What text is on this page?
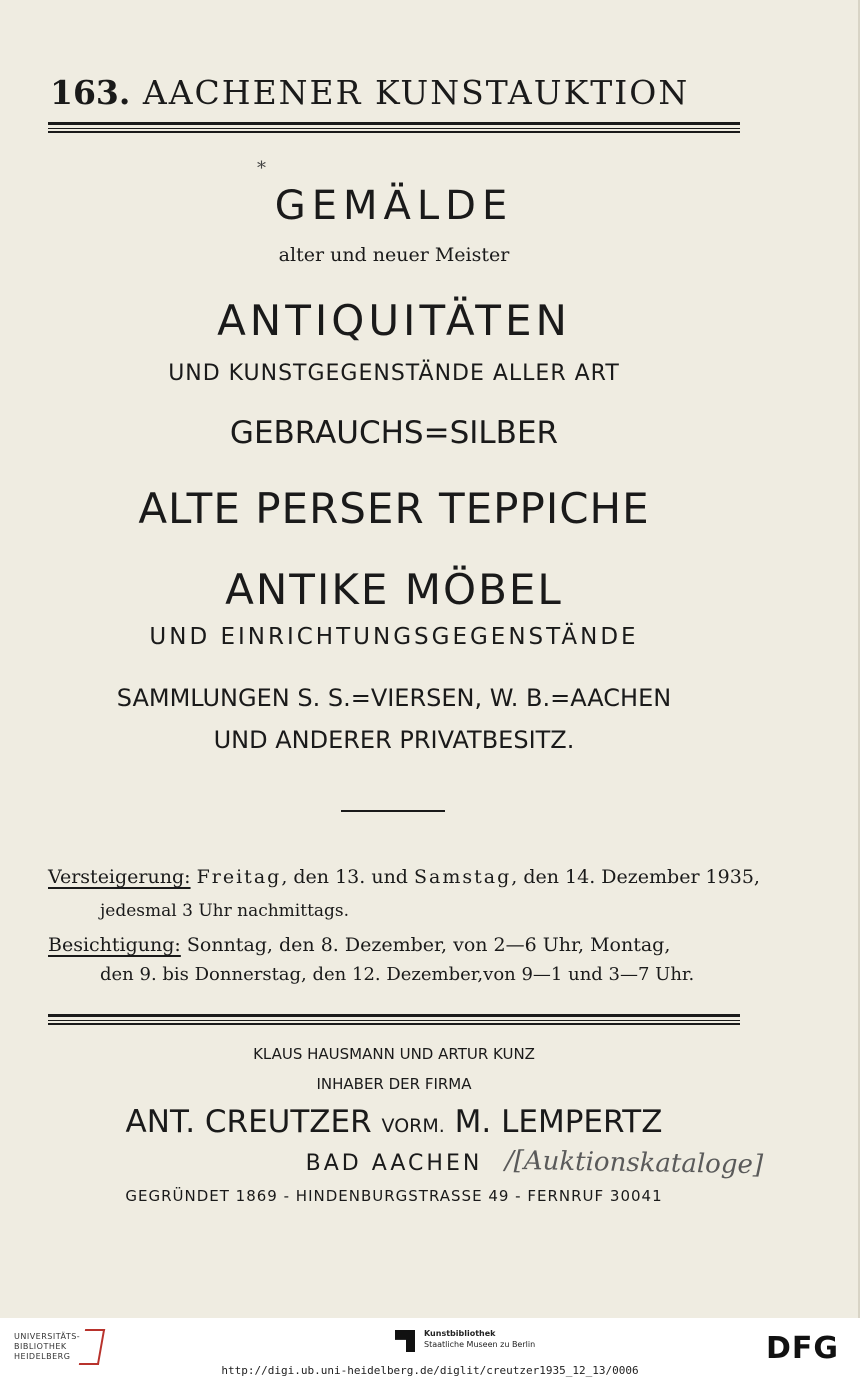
163. AACHENER KUNSTAUKTION
*
GEMÄLDE
alter und neuer Meister
ANTIQUITÄTEN
UND KUNSTGEGENSTÄNDE ALLER ART
GEBRAUCHS=SILBER
ALTE PERSER TEPPICHE
ANTIKE MÖBEL
UND EINRICHTUNGSGEGENSTÄNDE
SAMMLUNGEN S. S.=VIERSEN, W. B.=AACHEN
UND ANDERER PRIVATBESITZ.
Versteigerung: Freitag, den 13. und Samstag, den 14. Dezember 1935,
jedesmal 3 Uhr nachmittags.
Besichtigung: Sonntag, den 8. Dezember, von 2—6 Uhr, Montag,
den 9. bis Donnerstag, den 12. Dezember,von 9—1 und 3—7 Uhr.
KLAUS HAUSMANN UND ARTUR KUNZ
INHABER DER FIRMA
ANT. CREUTZER VORM. M. LEMPERTZ
BAD AACHEN
GEGRÜNDET 1869 - HINDENBURGSTRASSE 49 - FERNRUF 30041
/[Auktionskataloge]
UNIVERSITÄTS-
BIBLIOTHEK
HEIDELBERG
Kunstbibliothek
Staatliche Museen zu Berlin	DFG
http://digi.ub.uni-heidelberg.de/diglit/creutzer1935_12_13/0006
